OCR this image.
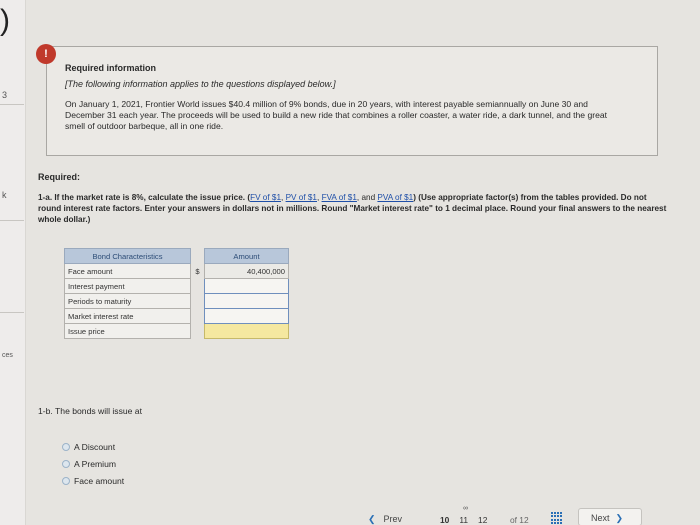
3
k
ces
)
Required information
[The following information applies to the questions displayed below.]
On January 1, 2021, Frontier World issues $40.4 million of 9% bonds, due in 20 years, with interest payable semiannually on June 30 and December 31 each year. The proceeds will be used to build a new ride that combines a roller coaster, a water ride, a dark tunnel, and the great smell of outdoor barbeque, all in one ride.
!
Required:
1-a. If the market rate is 8%, calculate the issue price. (FV of $1, PV of $1, FVA of $1, and PVA of $1) (Use appropriate factor(s) from the tables provided. Do not round interest rate factors. Enter your answers in dollars not in millions. Round "Market interest rate" to 1 decimal place. Round your final answers to the nearest whole dollar.)
Bond Characteristics		Amount
Face amount	$	40,400,000
Interest payment		
Periods to maturity		
Market interest rate		
Issue price		
1-b. The bonds will issue at
A Discount
A Premium
Face amount
❮ Prev
∞
10 11 12	of 12	Next ❯
